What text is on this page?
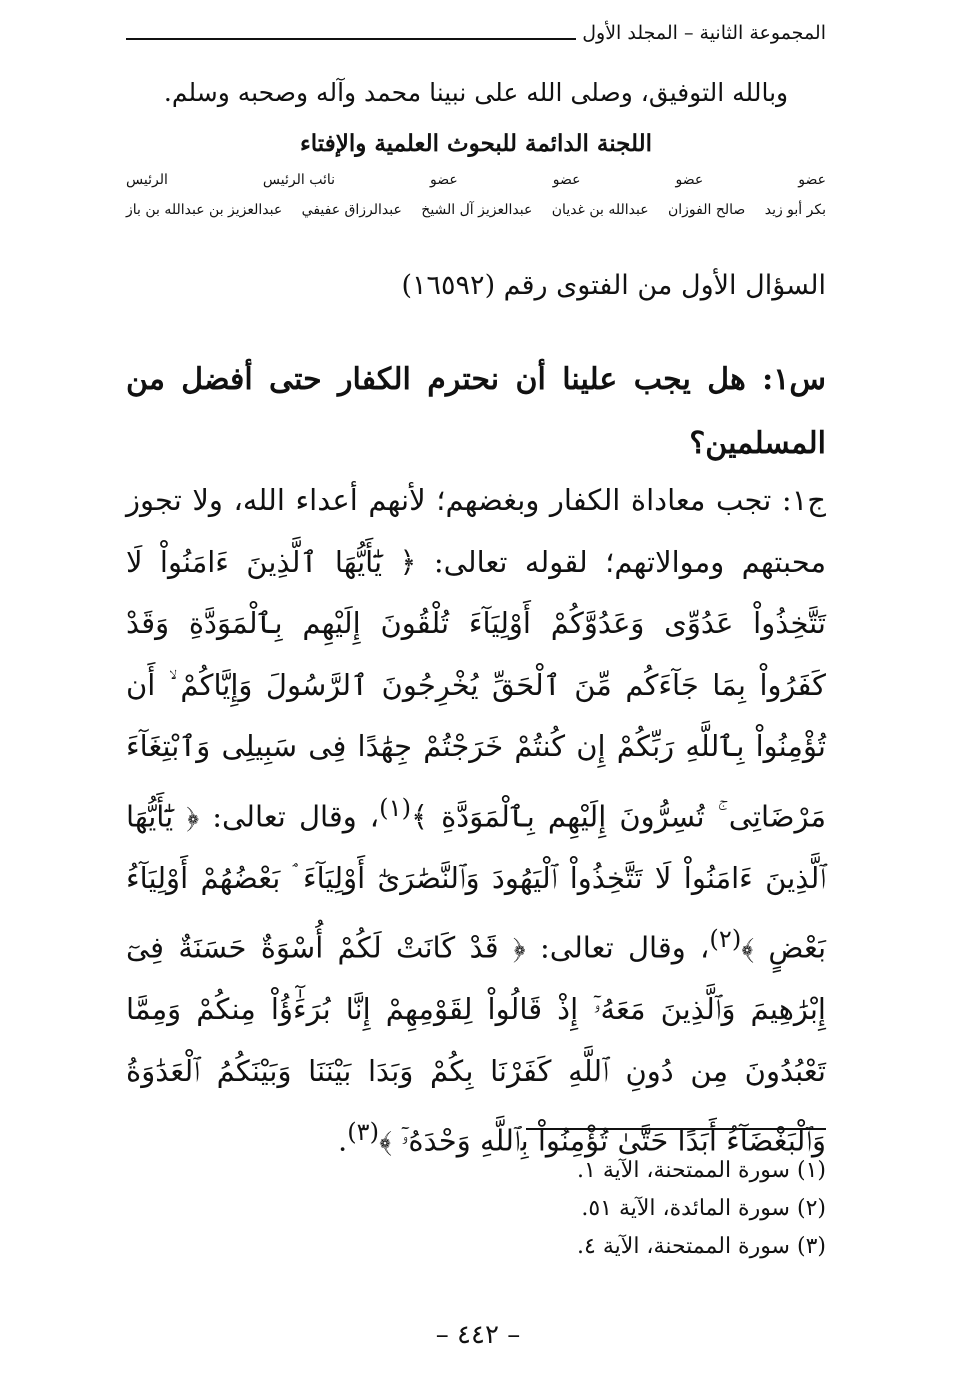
المجموعة الثانية – المجلد الأول
وبالله التوفيق، وصلى الله على نبينا محمد وآله وصحبه وسلم.
اللجنة الدائمة للبحوث العلمية والإفتاء
عضو
عضو
عضو
عضو
نائب الرئيس
الرئيس
بكر أبو زيد
صالح الفوزان
عبدالله بن غديان
عبدالعزيز آل الشيخ
عبدالرزاق عفيفي
عبدالعزيز بن عبدالله بن باز
السؤال الأول من الفتوى رقم (١٦٥٩٢)
س١: هل يجب علينا أن نحترم الكفار حتى أفضل من المسلمين؟
ج١: تجب معاداة الكفار وبغضهم؛ لأنهم أعداء الله، ولا تجوز محبتهم وموالاتهم؛ لقوله تعالى: ﴿ يَٰٓأَيُّهَا ٱلَّذِينَ ءَامَنُواْ لَا تَتَّخِذُواْ عَدُوِّى وَعَدُوَّكُمْ أَوْلِيَآءَ تُلْقُونَ إِلَيْهِم بِٱلْمَوَدَّةِ وَقَدْ كَفَرُواْ بِمَا جَآءَكُم مِّنَ ٱلْحَقِّ يُخْرِجُونَ ٱلرَّسُولَ وَإِيَّاكُمْ ۙ أَن تُؤْمِنُواْ بِٱللَّهِ رَبِّكُمْ إِن كُنتُمْ خَرَجْتُمْ جِهَٰدًا فِى سَبِيلِى وَٱبْتِغَآءَ مَرْضَاتِى ۚ تُسِرُّونَ إِلَيْهِم بِٱلْمَوَدَّةِ ﴾$^{(١)}$، وقال تعالى: ﴿ يَٰٓأَيُّهَا ٱلَّذِينَ ءَامَنُواْ لَا تَتَّخِذُواْ ٱلْيَهُودَ وَٱلنَّصَٰرَىٰٓ أَوْلِيَآءَ ۘ بَعْضُهُمْ أَوْلِيَآءُ بَعْضٍ ﴾$^{(٢)}$، وقال تعالى: ﴿ قَدْ كَانَتْ لَكُمْ أُسْوَةٌ حَسَنَةٌ فِىٓ إِبْرَٰهِيمَ وَٱلَّذِينَ مَعَهُۥٓ إِذْ قَالُواْ لِقَوْمِهِمْ إِنَّا بُرَءَٰٓؤُاْ مِنكُمْ وَمِمَّا تَعْبُدُونَ مِن دُونِ ٱللَّهِ كَفَرْنَا بِكُمْ وَبَدَا بَيْنَنَا وَبَيْنَكُمُ ٱلْعَدَٰوَةُ وَٱلْبَغْضَآءُ أَبَدًا حَتَّىٰ تُؤْمِنُواْ بِٱللَّهِ وَحْدَهُۥٓ ﴾$^{(٣)}$.
(١) سورة الممتحنة، الآية ١.
(٢) سورة المائدة، الآية ٥١.
(٣) سورة الممتحنة، الآية ٤.
– ٤٤٢ –
